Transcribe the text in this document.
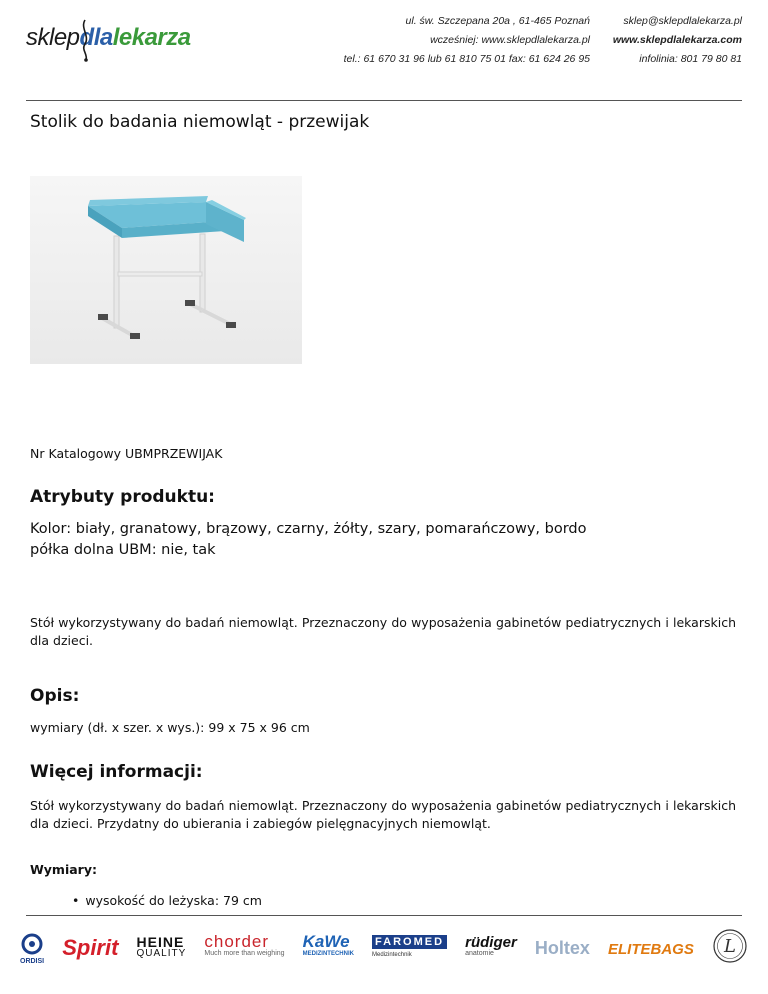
sklepdlalekarza
ul. św. Szczepana 20a , 61-465 Poznań
wcześniej: www.sklepdlalekarza.pl
tel.: 61 670 31 96 lub 61 810 75 01 fax: 61 624 26 95
sklep@sklepdlalekarza.pl
www.sklepdlalekarza.com
infolinia: 801 79 80 81
Stolik do badania niemowląt - przewijak
Nr Katalogowy UBMPRZEWIJAK
Atrybuty produktu:
Kolor: biały, granatowy, brązowy, czarny, żółty, szary, pomarańczowy, bordo
półka dolna UBM: nie, tak
Stół wykorzystywany do badań niemowląt. Przeznaczony do wyposażenia gabinetów pediatrycznych i lekarskich dla dzieci.
Opis:
wymiary (dł. x szer. x wys.): 99 x 75 x 96 cm
Więcej informacji:
Stół wykorzystywany do badań niemowląt. Przeznaczony do wyposażenia gabinetów pediatrycznych i lekarskich dla dzieci. Przydatny do ubierania i zabiegów pielęgnacyjnych niemowląt.
Wymiary:
• wysokość do leżyska: 79 cm
ORDISI
Spirit HEINE
QUALITY
chorder
Much more than weighing
KaWe
MEDIZINTECHNIK
FAROMED
Medizintechnik
rüdiger
anatomie	Holtex ELITEBAGS L
